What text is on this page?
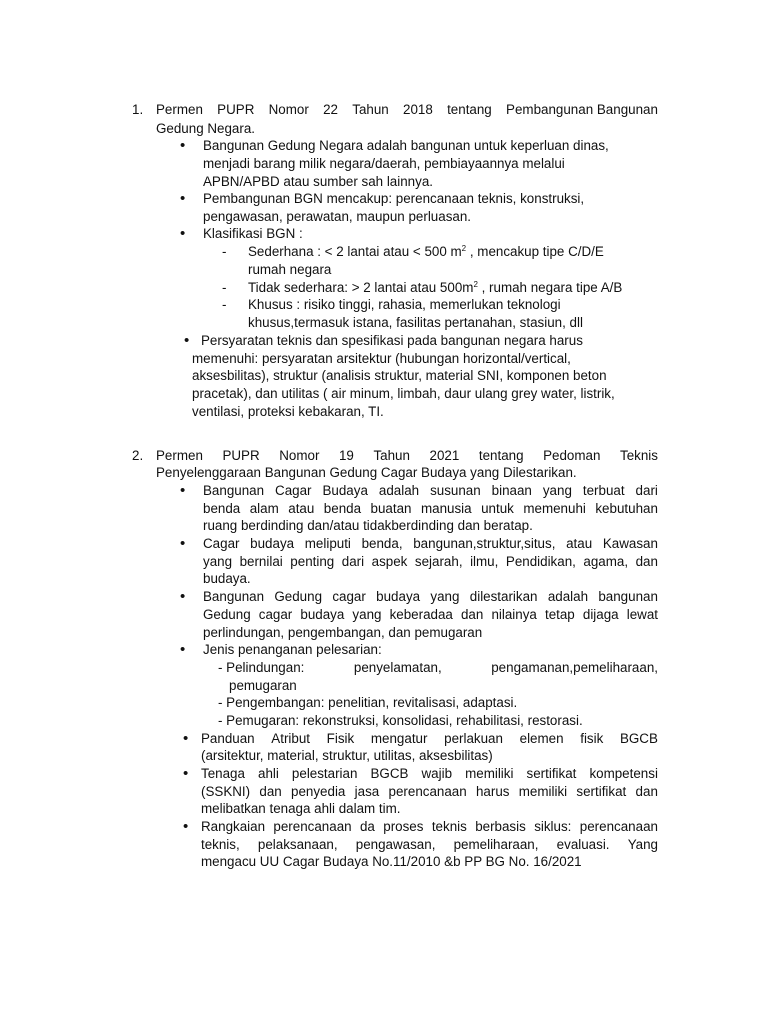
1. Permen PUPR Nomor 22 Tahun 2018 tentang Pembangunan Bangunan
Gedung Negara.
• Bangunan Gedung Negara adalah bangunan untuk keperluan dinas,
menjadi barang milik negara/daerah, pembiayaannya melalui
APBN/APBD atau sumber sah lainnya.
• Pembangunan BGN mencakup: perencanaan teknis, konstruksi,
pengawasan, perawatan, maupun perluasan.
• Klasifikasi BGN :
- Sederhana : < 2 lantai atau < 500 $m^2$ , mencakup tipe C/D/E
rumah negara
- Tidak sederhara: > 2 lantai atau $500m^2$ , rumah negara tipe A/B
- Khusus : risiko tinggi, rahasia, memerlukan teknologi
khusus,termasuk istana, fasilitas pertanahan, stasiun, dll
• Persyaratan teknis dan spesifikasi pada bangunan negara harus
memenuhi: persyaratan arsitektur (hubungan horizontal/vertical,
aksesbilitas), struktur (analisis struktur, material SNI, komponen beton
pracetak), dan utilitas ( air minum, limbah, daur ulang grey water, listrik,
ventilasi, proteksi kebakaran, TI.
2. Permen PUPR Nomor 19 Tahun 2021 tentang Pedoman Teknis
Penyelenggaraan Bangunan Gedung Cagar Budaya yang Dilestarikan.
• Bangunan Cagar Budaya adalah susunan binaan yang terbuat dari
benda alam atau benda buatan manusia untuk memenuhi kebutuhan
ruang berdinding dan/atau tidakberdinding dan beratap.
• Cagar budaya meliputi benda, bangunan,struktur,situs, atau Kawasan
yang bernilai penting dari aspek sejarah, ilmu, Pendidikan, agama, dan
budaya.
• Bangunan Gedung cagar budaya yang dilestarikan adalah bangunan
Gedung cagar budaya yang keberadaa dan nilainya tetap dijaga lewat
perlindungan, pengembangan, dan pemugaran
• Jenis penanganan pelesarian:
- Pelindungan:	penyelamatan,	pengamanan,pemeliharaan,
pemugaran
- Pengembangan: penelitian, revitalisasi, adaptasi.
- Pemugaran: rekonstruksi, konsolidasi, rehabilitasi, restorasi.
• Panduan Atribut Fisik mengatur perlakuan elemen fisik BGCB
(arsitektur, material, struktur, utilitas, aksesbilitas)
• Tenaga ahli pelestarian BGCB wajib memiliki sertifikat kompetensi
(SSKNI) dan penyedia jasa perencanaan harus memiliki sertifikat dan
melibatkan tenaga ahli dalam tim.
• Rangkaian perencanaan da proses teknis berbasis siklus: perencanaan
teknis, pelaksanaan, pengawasan, pemeliharaan, evaluasi. Yang
mengacu UU Cagar Budaya No.11/2010 &b PP BG No. 16/2021
